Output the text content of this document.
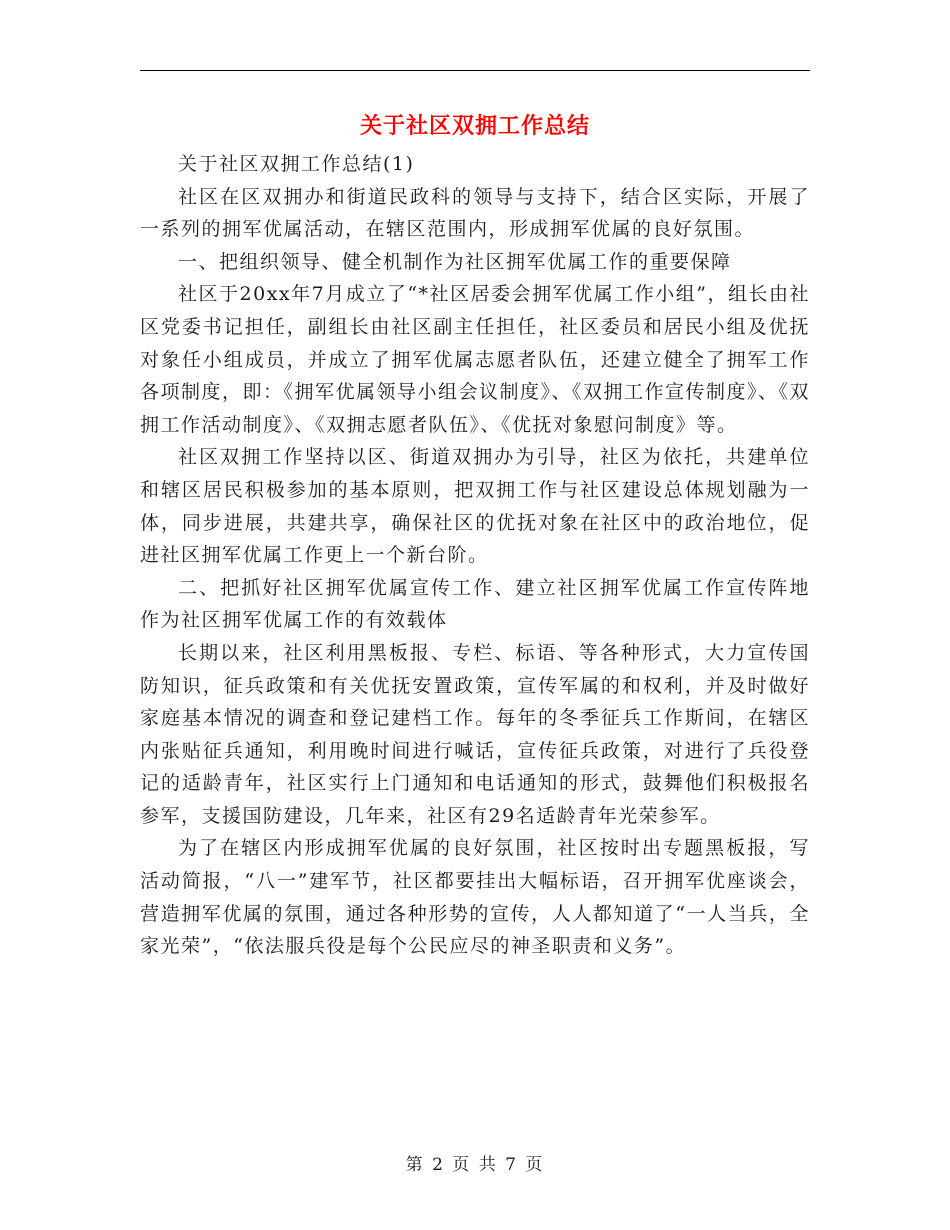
关于社区双拥工作总结

关于社区双拥工作总结(1)

社区在区双拥办和街道民政科的领导与支持下，结合区实际，开展了一系列的拥军优属活动，在辖区范围内，形成拥军优属的良好氛围。

一、把组织领导、健全机制作为社区拥军优属工作的重要保障

社区于20xx年7月成立了“*社区居委会拥军优属工作小组”，组长由社区党委书记担任，副组长由社区副主任担任，社区委员和居民小组及优抚对象任小组成员，并成立了拥军优属志愿者队伍，还建立健全了拥军工作各项制度，即：《拥军优属领导小组会议制度》、《双拥工作宣传制度》、《双拥工作活动制度》、《双拥志愿者队伍》、《优抚对象慰问制度》等。

社区双拥工作坚持以区、街道双拥办为引导，社区为依托，共建单位和辖区居民积极参加的基本原则，把双拥工作与社区建设总体规划融为一体，同步进展，共建共享，确保社区的优抚对象在社区中的政治地位，促进社区拥军优属工作更上一个新台阶。

二、把抓好社区拥军优属宣传工作、建立社区拥军优属工作宣传阵地作为社区拥军优属工作的有效载体

长期以来，社区利用黑板报、专栏、标语、等各种形式，大力宣传国防知识，征兵政策和有关优抚安置政策，宣传军属的和权利，并及时做好家庭基本情况的调查和登记建档工作。每年的冬季征兵工作斯间，在辖区内张贴征兵通知，利用晚时间进行喊话，宣传征兵政策，对进行了兵役登记的适龄青年，社区实行上门通知和电话通知的形式，鼓舞他们积极报名参军，支援国防建设，几年来，社区有29名适龄青年光荣参军。

为了在辖区内形成拥军优属的良好氛围，社区按时出专题黑板报，写活动简报，“八一”建军节，社区都要挂出大幅标语，召开拥军优座谈会，营造拥军优属的氛围，通过各种形势的宣传，人人都知道了“一人当兵，全家光荣”，“依法服兵役是每个公民应尽的神圣职责和义务”。

第 2 页 共 7 页
